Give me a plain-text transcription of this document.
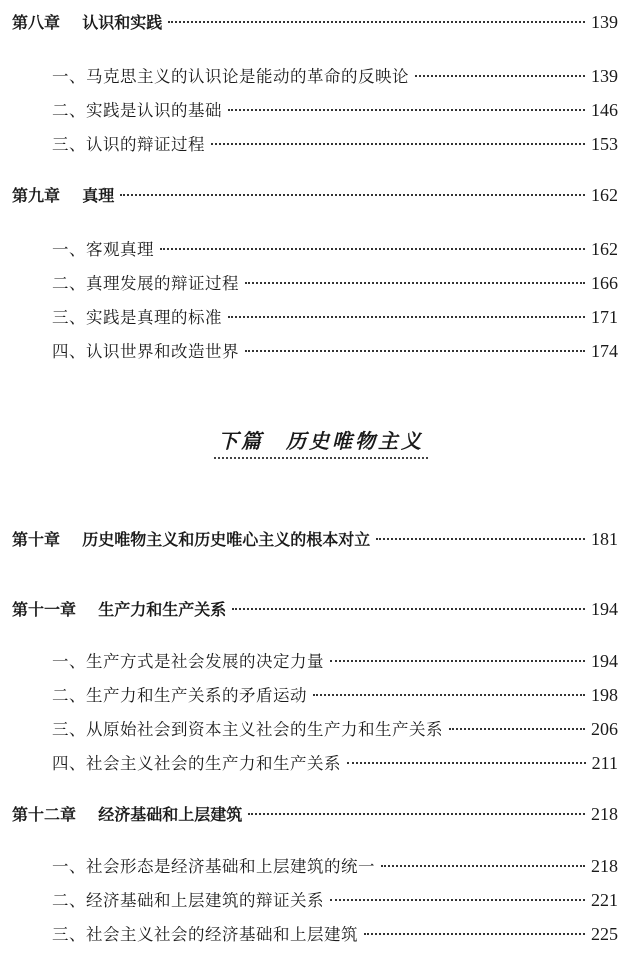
第八章 认识和实践	139
一、马克思主义的认识论是能动的革命的反映论	139
二、实践是认识的基础	146
三、认识的辩证过程	153
第九章 真理	162
一、客观真理	162
二、真理发展的辩证过程	166
三、实践是真理的标准	171
四、认识世界和改造世界	174
下篇 历史唯物主义
第十章 历史唯物主义和历史唯心主义的根本对立	181
第十一章 生产力和生产关系	194
一、生产方式是社会发展的决定力量	194
二、生产力和生产关系的矛盾运动	198
三、从原始社会到资本主义社会的生产力和生产关系	206
四、社会主义社会的生产力和生产关系	211
第十二章 经济基础和上层建筑	218
一、社会形态是经济基础和上层建筑的统一	218
二、经济基础和上层建筑的辩证关系	221
三、社会主义社会的经济基础和上层建筑	225
